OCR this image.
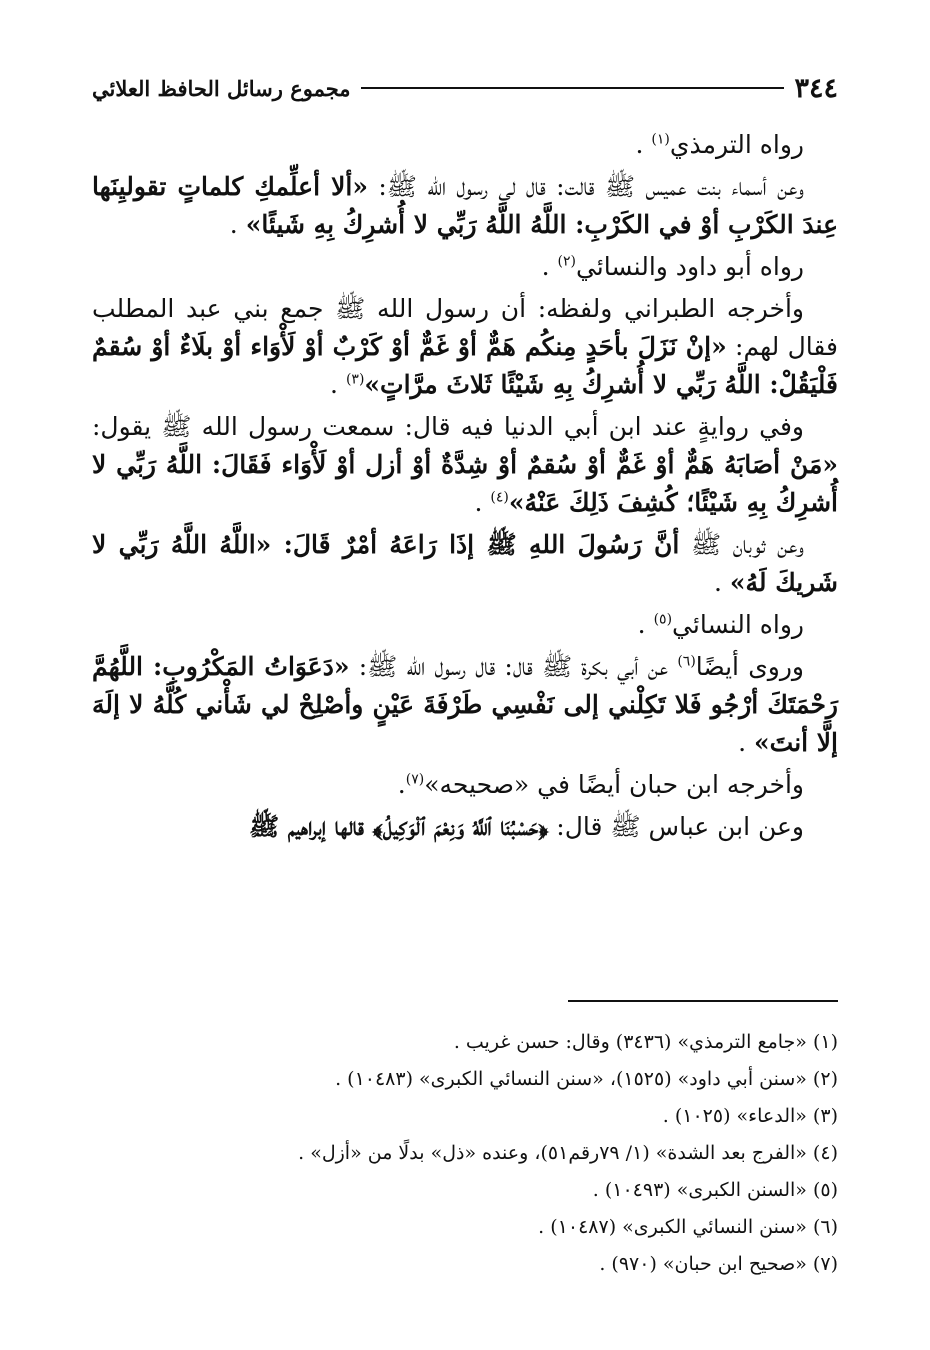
٣٤٤
مجموع رسائل الحافظ العلائي

رواه الترمذي$^{(١)}$ .

وعن أسماء بنت عميس ﷺ قالت: قال لي رسول الله ﷺ: «ألا أعلِّمكِ كلماتٍ تقوليِنَها عِندَ الكَرْبِ أوْ في الكَرْبِ: اللَّهُ اللَّهُ رَبِّي لا أُشرِكُ بِهِ شَيئًا» .

رواه أبو داود والنسائي$^{(٢)}$ .

وأخرجه الطبراني ولفظه: أن رسول الله ﷺ جمع بني عبد المطلب فقال لهم: «إنْ نَزَلَ بأحَدٍ مِنكُم هَمٌّ أوْ غَمٌّ أوْ كَرْبٌ أوْ لَأْوَاء أوْ بلَاءٌ أوْ سُقمٌ فَلْيَقُلْ: اللَّهُ رَبِّي لا أُشرِكُ بِهِ شَيْئًا ثَلاثَ مرَّاتٍ»$^{(٣)}$ .

وفي روايةٍ عند ابن أبي الدنيا فيه قال: سمعت رسول الله ﷺ يقول: «مَنْ أصَابَهُ هَمٌّ أوْ غَمٌّ أوْ سُقمٌ أوْ شِدَّةٌ أوْ أزل أوْ لَأْوَاء فَقَالَ: اللَّهُ رَبِّي لا أُشرِكُ بِهِ شَيْئًا؛ كُشِفَ ذَلِكَ عَنْهُ»$^{(٤)}$ .

وعن ثوبان ﷺ أنَّ رَسُولَ اللهِ ﷺ إذَا رَاعَهُ أمْرٌ قَالَ: «اللَّهُ اللَّهُ رَبِّي لا شَريكَ لَهُ» .

رواه النسائي$^{(٥)}$ .

وروى أيضًا$^{(٦)}$ عن أبي بكرة ﷺ قال: قال رسول الله ﷺ: «دَعَوَاتُ المَكْرُوبِ: اللَّهُمَّ رَحْمَتَكَ أرْجُو فَلا تَكِلْني إلى نَفْسِي طَرْفَةَ عَيْنٍ وأصْلِحْ لي شَأْني كُلَّهُ لا إلَهَ إلَّا أنتَ» .

وأخرجه ابن حبان أيضًا في «صحيحه»$^{(٧)}$.

وعن ابن عباس ﷺ قال: ﴿حَسْبُنَا ٱللَّهُ وَنِعْمَ ٱلْوَكِيلُ﴾ قالها إبراهيم ﷺ

(١) «جامع الترمذي» (٣٤٣٦) وقال: حسن غريب .
(٢) «سنن أبي داود» (١٥٢٥)، «سنن النسائي الكبرى» (١٠٤٨٣) .
(٣) «الدعاء» (١٠٢٥) .
(٤) «الفرج بعد الشدة» (١/ ٧٩رقم٥١)، وعنده «ذل» بدلًا من «أزل» .
(٥) «السنن الكبرى» (١٠٤٩٣) .
(٦) «سنن النسائي الكبرى» (١٠٤٨٧) .
(٧) «صحيح ابن حبان» (٩٧٠) .
